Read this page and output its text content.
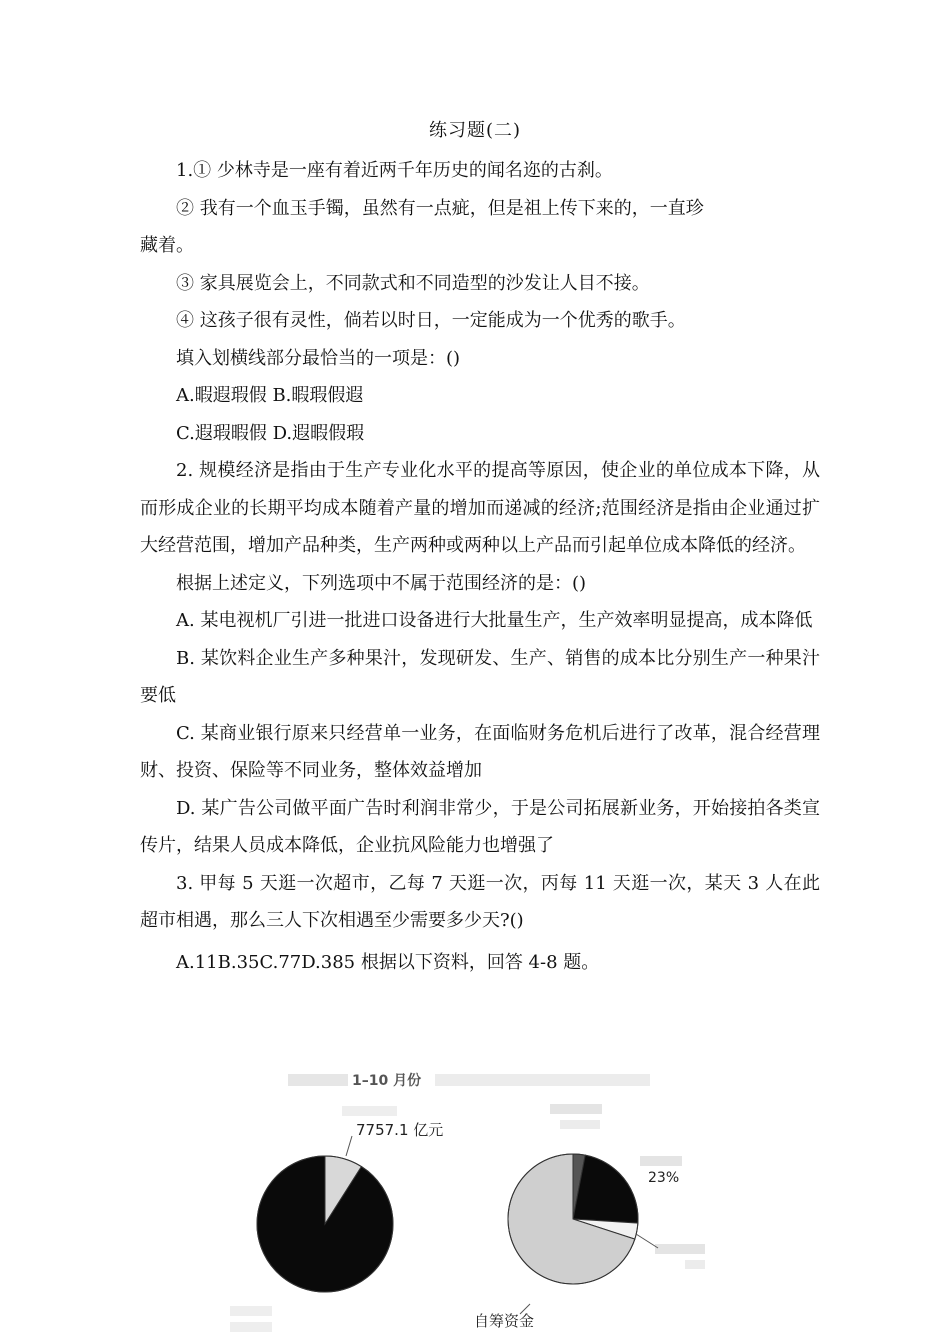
练习题(二)

1.① 少林寺是一座有着近两千年历史的闻名迩的古刹。

② 我有一个血玉手镯，虽然有一点疵，但是祖上传下来的，一直珍

藏着。

③ 家具展览会上，不同款式和不同造型的沙发让人目不接。

④ 这孩子很有灵性，倘若以时日，一定能成为一个优秀的歌手。

填入划横线部分最恰当的一项是：()

A.暇遐瑕假 B.暇瑕假遐

C.遐瑕暇假 D.遐暇假瑕

2. 规模经济是指由于生产专业化水平的提高等原因，使企业的单位成本下降，从而形成企业的长期平均成本随着产量的增加而递减的经济;范围经济是指由企业通过扩大经营范围，增加产品种类，生产两种或两种以上产品而引起单位成本降低的经济。

根据上述定义，下列选项中不属于范围经济的是：()

A. 某电视机厂引进一批进口设备进行大批量生产，生产效率明显提高，成本降低

B. 某饮料企业生产多种果汁，发现研发、生产、销售的成本比分别生产一种果汁要低

C. 某商业银行原来只经营单一业务，在面临财务危机后进行了改革，混合经营理财、投资、保险等不同业务，整体效益增加

D. 某广告公司做平面广告时利润非常少，于是公司拓展新业务，开始接拍各类宣传片，结果人员成本降低，企业抗风险能力也增强了

3. 甲每 5 天逛一次超市，乙每 7 天逛一次，丙每 11 天逛一次，某天 3 人在此超市相遇，那么三人下次相遇至少需要多少天?()

A.11B.35C.77D.385 根据以下资料，回答 4-8 题。

1–10 月份
7757.1 亿元
23%
自筹资金
